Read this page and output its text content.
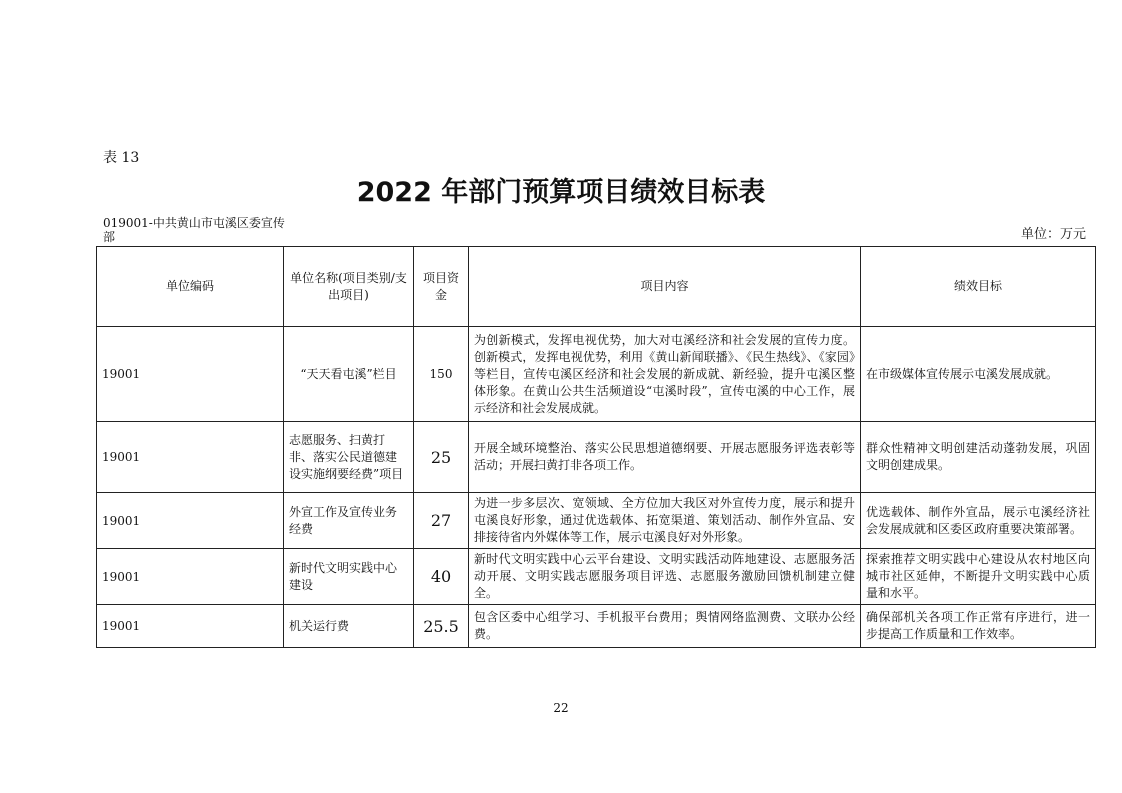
表 13
2022 年部门预算项目绩效目标表
019001-中共黄山市屯溪区委宣传部	单位：万元
单位编码	单位名称(项目类别/支出项目)	项目资金	项目内容	绩效目标
19001	“天天看屯溪”栏目	150	为创新模式，发挥电视优势，加大对屯溪经济和社会发展的宣传力度。创新模式，发挥电视优势，利用《黄山新闻联播》、《民生热线》、《家园》等栏目，宣传屯溪区经济和社会发展的新成就、新经验，提升屯溪区整体形象。在黄山公共生活频道设“屯溪时段”，宣传屯溪的中心工作，展示经济和社会发展成就。	在市级媒体宣传展示屯溪发展成就。
19001	志愿服务、扫黄打非、落实公民道德建设实施纲要经费”项目	25	开展全域环境整治、落实公民思想道德纲要、开展志愿服务评选表彰等活动；开展扫黄打非各项工作。	群众性精神文明创建活动蓬勃发展，巩固文明创建成果。
19001	外宣工作及宣传业务经费	27	为进一步多层次、宽领域、全方位加大我区对外宣传力度，展示和提升屯溪良好形象，通过优选载体、拓宽渠道、策划活动、制作外宣品、安排接待省内外媒体等工作，展示屯溪良好对外形象。	优选载体、制作外宣品，展示屯溪经济社会发展成就和区委区政府重要决策部署。
19001	新时代文明实践中心建设	40	新时代文明实践中心云平台建设、文明实践活动阵地建设、志愿服务活动开展、文明实践志愿服务项目评选、志愿服务激励回馈机制建立健全。	探索推荐文明实践中心建设从农村地区向城市社区延伸，不断提升文明实践中心质量和水平。
19001	机关运行费	25.5	包含区委中心组学习、手机报平台费用；舆情网络监测费、文联办公经费。	确保部机关各项工作正常有序进行，进一步提高工作质量和工作效率。
22
